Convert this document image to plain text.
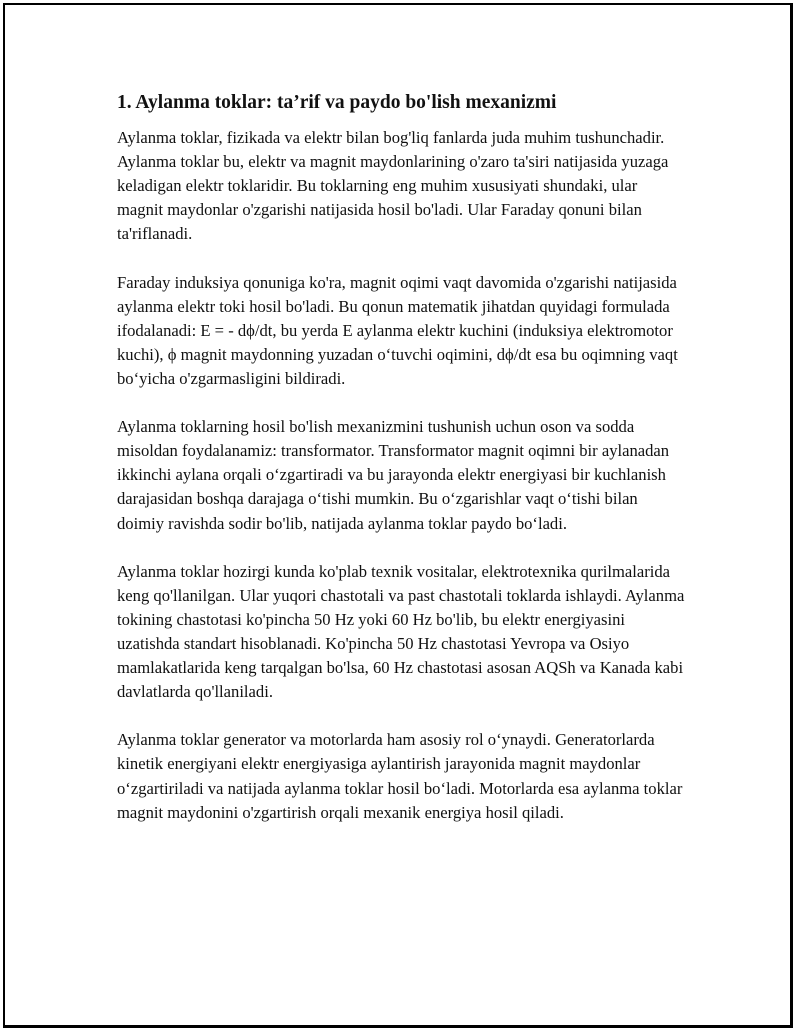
1. Aylanma toklar: ta’rif va paydo bo'lish mexanizmi

Aylanma toklar, fizikada va elektr bilan bog'liq fanlarda juda muhim tushunchadir. Aylanma toklar bu, elektr va magnit maydonlarining o'zaro ta'siri natijasida yuzaga keladigan elektr toklaridir. Bu toklarning eng muhim xususiyati shundaki, ular magnit maydonlar o'zgarishi natijasida hosil bo'ladi. Ular Faraday qonuni bilan ta'riflanadi.

Faraday induksiya qonuniga ko'ra, magnit oqimi vaqt davomida o'zgarishi natijasida aylanma elektr toki hosil bo'ladi. Bu qonun matematik jihatdan quyidagi formulada ifodalanadi: E = - dϕ/dt, bu yerda E aylanma elektr kuchini (induksiya elektromotor kuchi), ϕ magnit maydonning yuzadan o‘tuvchi oqimini, dϕ/dt esa bu oqimning vaqt bo‘yicha o'zgarmasligini bildiradi.

Aylanma toklarning hosil bo'lish mexanizmini tushunish uchun oson va sodda misoldan foydalanamiz: transformator. Transformator magnit oqimni bir aylanadan ikkinchi aylana orqali o‘zgartiradi va bu jarayonda elektr energiyasi bir kuchlanish darajasidan boshqa darajaga o‘tishi mumkin. Bu o‘zgarishlar vaqt o‘tishi bilan doimiy ravishda sodir bo'lib, natijada aylanma toklar paydo bo‘ladi.

Aylanma toklar hozirgi kunda ko'plab texnik vositalar, elektrotexnika qurilmalarida keng qo'llanilgan. Ular yuqori chastotali va past chastotali toklarda ishlaydi. Aylanma tokining chastotasi ko'pincha 50 Hz yoki 60 Hz bo'lib, bu elektr energiyasini uzatishda standart hisoblanadi. Ko'pincha 50 Hz chastotasi Yevropa va Osiyo mamlakatlarida keng tarqalgan bo'lsa, 60 Hz chastotasi asosan AQSh va Kanada kabi davlatlarda qo'llaniladi.

Aylanma toklar generator va motorlarda ham asosiy rol o‘ynaydi. Generatorlarda kinetik energiyani elektr energiyasiga aylantirish jarayonida magnit maydonlar o‘zgartiriladi va natijada aylanma toklar hosil bo‘ladi. Motorlarda esa aylanma toklar magnit maydonini o'zgartirish orqali mexanik energiya hosil qiladi.
